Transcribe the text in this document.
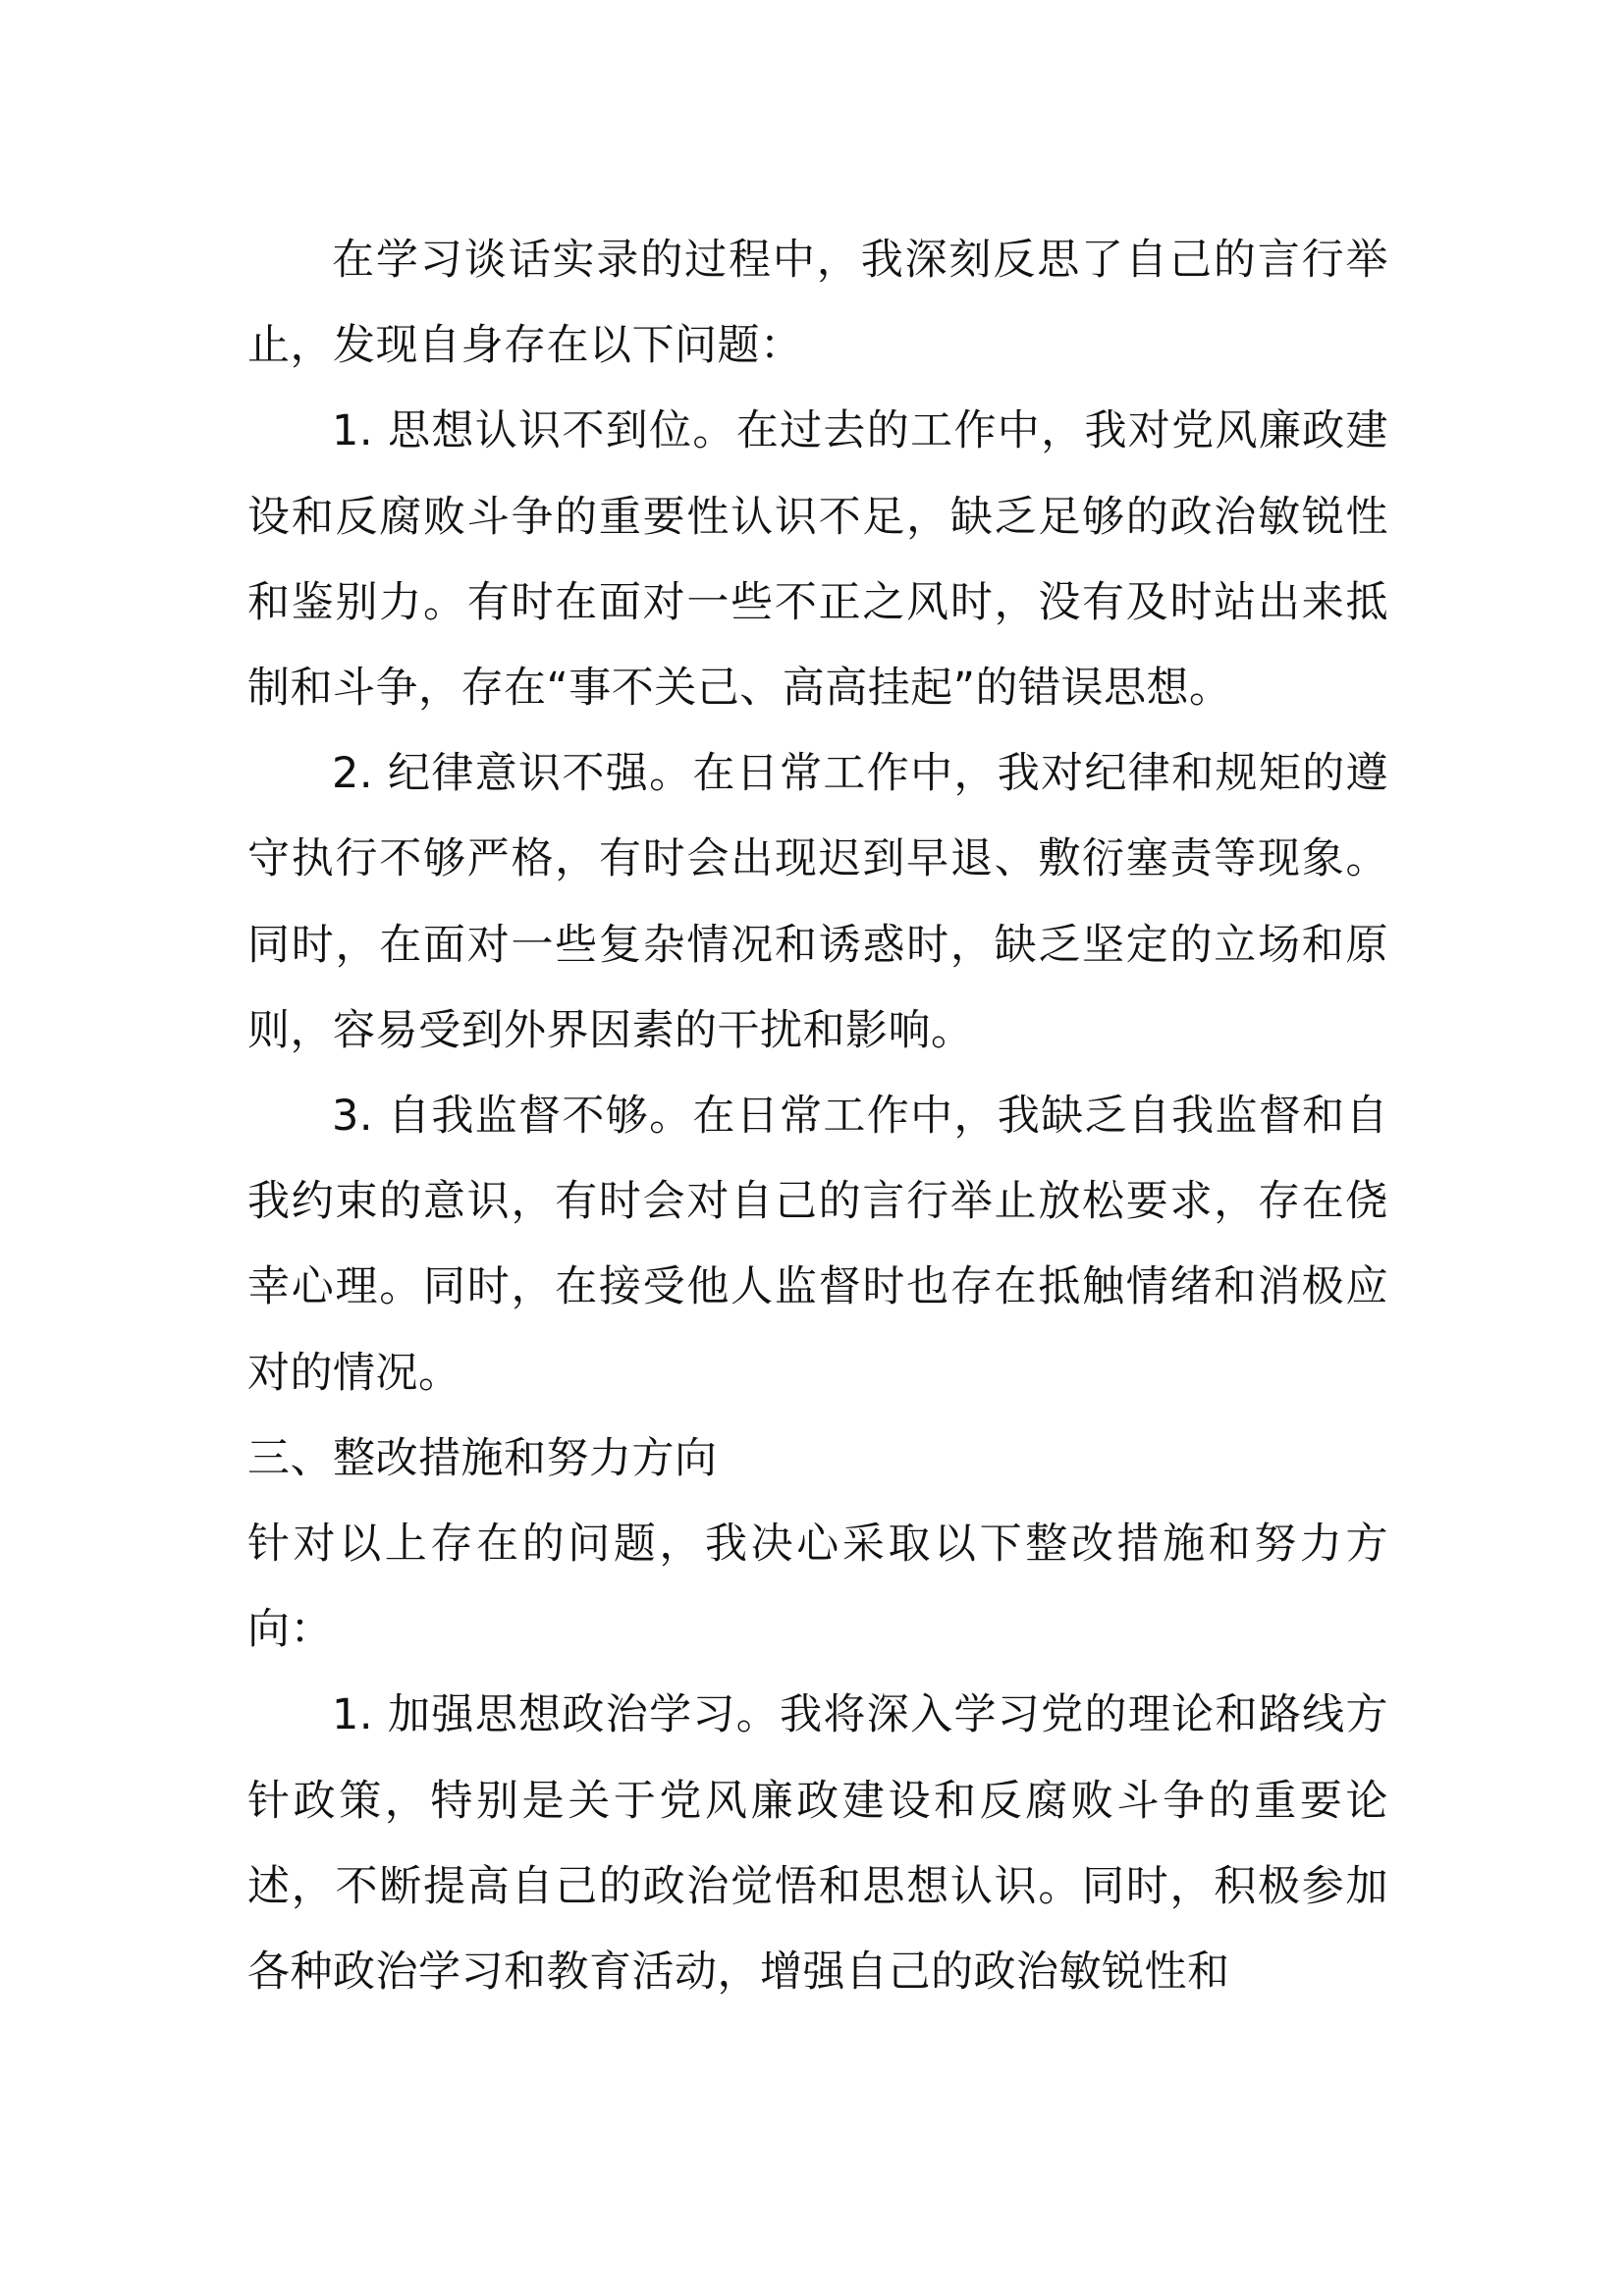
在学习谈话实录的过程中，我深刻反思了自己的言行举止，发现自身存在以下问题：

1. 思想认识不到位。在过去的工作中，我对党风廉政建设和反腐败斗争的重要性认识不足，缺乏足够的政治敏锐性和鉴别力。有时在面对一些不正之风时，没有及时站出来抵制和斗争，存在“事不关己、高高挂起”的错误思想。

2. 纪律意识不强。在日常工作中，我对纪律和规矩的遵守执行不够严格，有时会出现迟到早退、敷衍塞责等现象。同时，在面对一些复杂情况和诱惑时，缺乏坚定的立场和原则，容易受到外界因素的干扰和影响。

3. 自我监督不够。在日常工作中，我缺乏自我监督和自我约束的意识，有时会对自己的言行举止放松要求，存在侥幸心理。同时，在接受他人监督时也存在抵触情绪和消极应对的情况。

三、整改措施和努力方向

针对以上存在的问题，我决心采取以下整改措施和努力方向：

1. 加强思想政治学习。我将深入学习党的理论和路线方针政策，特别是关于党风廉政建设和反腐败斗争的重要论述，不断提高自己的政治觉悟和思想认识。同时，积极参加各种政治学习和教育活动，增强自己的政治敏锐性和
